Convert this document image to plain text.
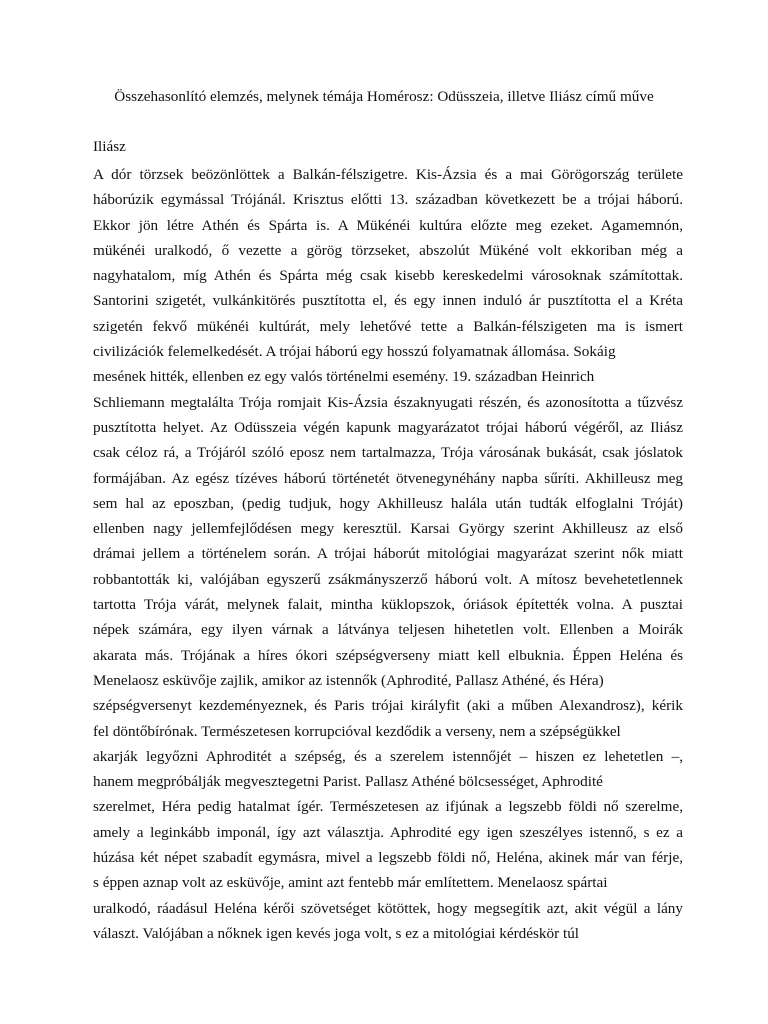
Összehasonlító elemzés, melynek témája Homérosz: Odüsszeia, illetve Iliász című műve
Iliász
A dór törzsek beözönlöttek a Balkán-félszigetre. Kis-Ázsia és a mai Görögország területe
háborúzik egymással Trójánál. Krisztus előtti 13. században következett be a trójai háború.
Ekkor jön létre Athén és Spárta is. A Mükénéi kultúra előzte meg ezeket. Agamemnón,
mükénéi uralkodó, ő vezette a görög törzseket, abszolút Mükéné volt ekkoriban még a
nagyhatalom, míg Athén és Spárta még csak kisebb kereskedelmi városoknak számítottak.
Santorini szigetét, vulkánkitörés pusztította el, és egy innen induló ár pusztította el a Kréta
szigetén fekvő mükénéi kultúrát, mely lehetővé tette a Balkán-félszigeten ma is ismert
civilizációk felemelkedését. A trójai háború egy hosszú folyamatnak állomása. Sokáig
mesének hitték, ellenben ez egy valós történelmi esemény. 19. században Heinrich
Schliemann megtalálta Trója romjait Kis-Ázsia északnyugati részén, és azonosította a tűzvész
pusztította helyet. Az Odüsszeia végén kapunk magyarázatot trójai háború végéről, az Iliász
csak céloz rá, a Trójáról szóló eposz nem tartalmazza, Trója városának bukását, csak jóslatok
formájában. Az egész tízéves háború történetét ötvenegynéhány napba sűríti. Akhilleusz meg
sem hal az eposzban, (pedig tudjuk, hogy Akhilleusz halála után tudták elfoglalni Tróját)
ellenben nagy jellemfejlődésen megy keresztül. Karsai György szerint Akhilleusz az első
drámai jellem a történelem során. A trójai háborút mitológiai magyarázat szerint nők miatt
robbantották ki, valójában egyszerű zsákmányszerző háború volt. A mítosz bevehetetlennek
tartotta Trója várát, melynek falait, mintha küklopszok, óriások építették volna. A pusztai
népek számára, egy ilyen várnak a látványa teljesen hihetetlen volt. Ellenben a Moirák
akarata más. Trójának a híres ókori szépségverseny miatt kell elbuknia. Éppen Heléna és
Menelaosz esküvője zajlik, amikor az istennők (Aphrodité, Pallasz Athéné, és Héra)
szépségversenyt kezdeményeznek, és Paris trójai királyfit (aki a műben Alexandrosz), kérik
fel döntőbírónak. Természetesen korrupcióval kezdődik a verseny, nem a szépségükkel
akarják legyőzni Aphroditét a szépség, és a szerelem istennőjét – hiszen ez lehetetlen –,
hanem megpróbálják megvesztegetni Parist. Pallasz Athéné bölcsességet, Aphrodité
szerelmet, Héra pedig hatalmat ígér. Természetesen az ifjúnak a legszebb földi nő szerelme,
amely a leginkább imponál, így azt választja. Aphrodité egy igen szeszélyes istennő, s ez a
húzása két népet szabadít egymásra, mivel a legszebb földi nő, Heléna, akinek már van férje,
s éppen aznap volt az esküvője, amint azt fentebb már említettem. Menelaosz spártai
uralkodó, ráadásul Heléna kérői szövetséget kötöttek, hogy megsegítik azt, akit végül a lány
választ. Valójában a nőknek igen kevés joga volt, s ez a mitológiai kérdéskör túl
